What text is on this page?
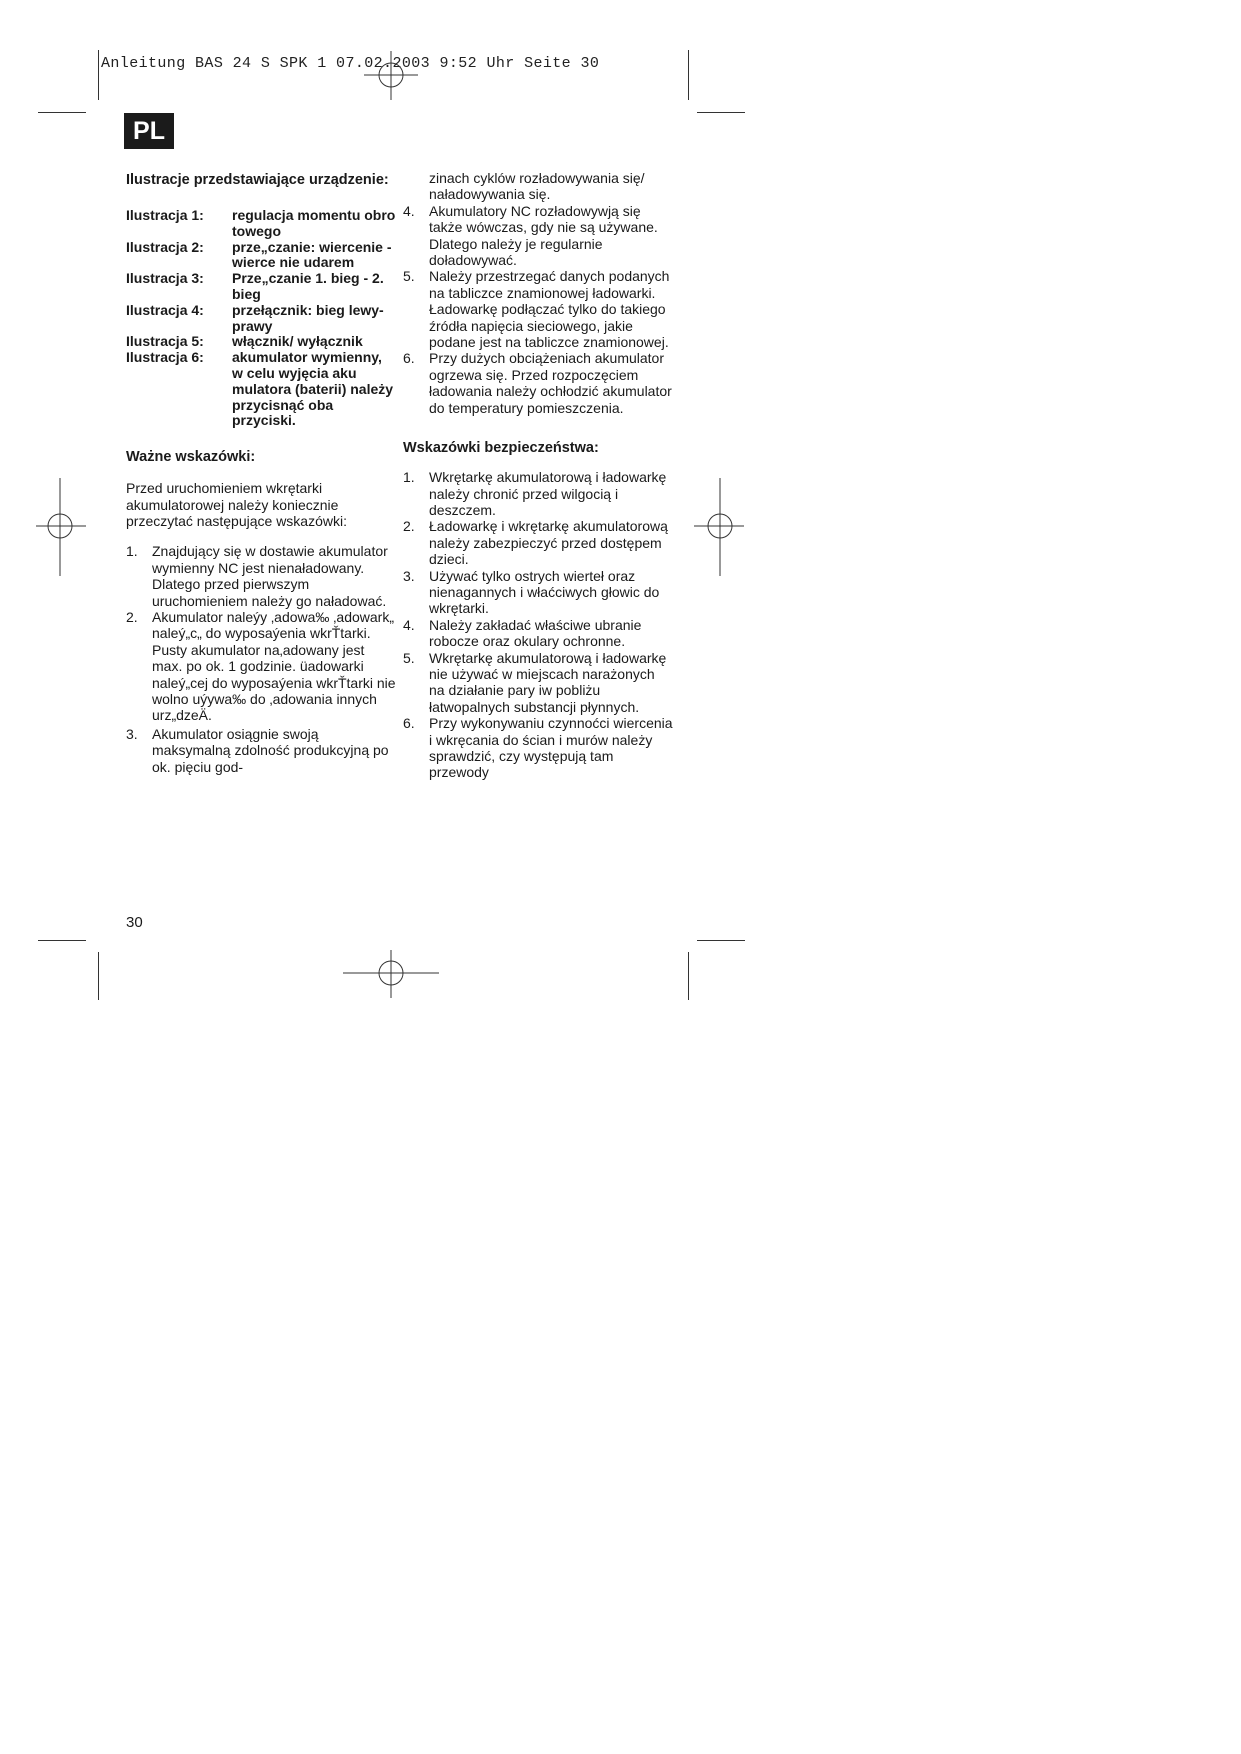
Anleitung BAS 24 S SPK 1 07.02.2003 9:52 Uhr Seite 30
PL

Ilustracje przedstawiające urządzenie:

Ilustracja 1:	regulacja momentu obro towego
Ilustracja 2:	prze„czanie: wiercenie - wierce nie udarem
Ilustracja 3:	Prze„czanie 1. bieg - 2. bieg
Ilustracja 4:	przełącznik: bieg lewy-prawy
Ilustracja 5:	włącznik/ wyłącznik
Ilustracja 6:	akumulator wymienny, w celu wyjęcia aku mulatora (baterii) należy przycisnąć oba przyciski.

Ważne wskazówki:

Przed uruchomieniem wkrętarki akumulatorowej należy koniecznie przeczytać następujące wskazówki:

1. Znajdujący się w dostawie akumulator wymienny NC jest nienaładowany. Dlatego przed pierwszym uruchomieniem należy go naładować.
2. Akumulator naleýy ‚adowa‰ ‚adowark„ naleý„c„ do wyposaýenia wkrŤtarki. Pusty akumulator na‚adowany jest max. po ok. 1 godzinie. üadowarki naleý„cej do wyposaýenia wkrŤtarki nie wolno uýywa‰ do ‚adowania innych urz„dzeÄ.
3. Akumulator osiągnie swoją maksymalną zdolność produkcyjną po ok. pięciu god-
zinach cyklów rozładowywania się/ naładowywania się.
4. Akumulatory NC rozładowywją się także wówczas, gdy nie są używane. Dlatego należy je regularnie doładowywać.
5. Należy przestrzegać danych podanych na tabliczce znamionowej ładowarki. Ładowarkę podłączać tylko do takiego źródła napięcia sieciowego, jakie podane jest na tabliczce znamionowej.
6. Przy dużych obciążeniach akumulator ogrzewa się. Przed rozpoczęciem ładowania należy ochłodzić akumulator do temperatury pomieszczenia.

Wskazówki bezpieczeństwa:

1. Wkrętarkę akumulatorową i ładowarkę należy chronić przed wilgocią i deszczem.
2. Ładowarkę i wkrętarkę akumulatorową należy zabezpieczyć przed dostępem dzieci.
3. Używać tylko ostrych wierteł oraz nienagannych i właćciwych głowic do wkrętarki.
4. Należy zakładać właściwe ubranie robocze oraz okulary ochronne.
5. Wkrętarkę akumulatorową i ładowarkę nie używać w miejscach narażonych na działanie pary iw pobliżu łatwopalnych substancji płynnych.
6. Przy wykonywaniu czynnoćci wiercenia i wkręcania do ścian i murów należy sprawdzić, czy występują tam przewody
30
